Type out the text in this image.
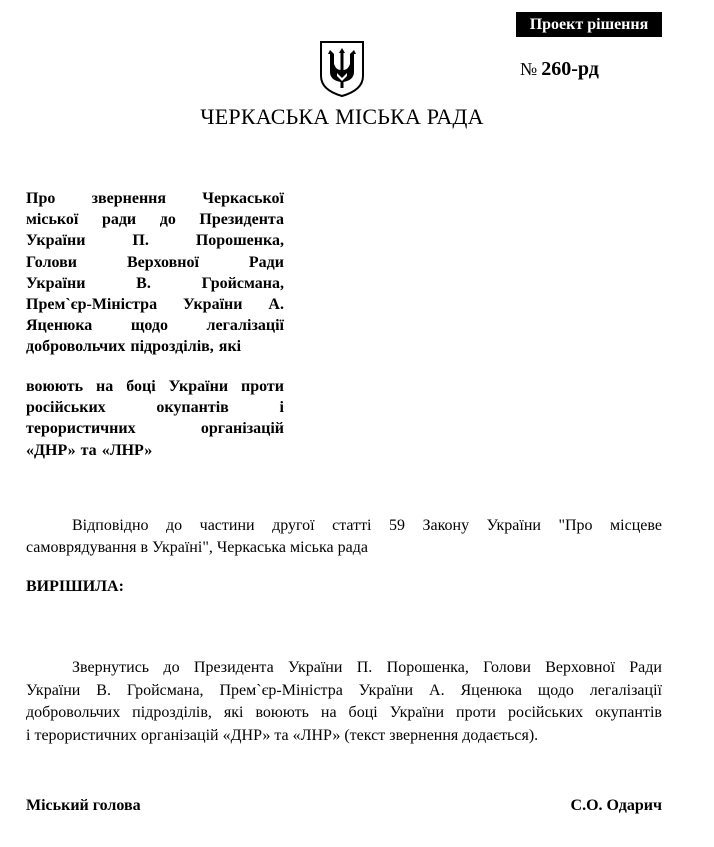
Проект рішення
№ 260-рд
ЧЕРКАСЬКА МІСЬКА РАДА
Про звернення Черкаської
міської ради до Президента
України	П.	Порошенка,
Голови	Верховної	Ради
України	В.	Гройсмана,
Прем`єр-Міністра України А.
Яценюка щодо легалізації
добровольчих підрозділів, які
воюють на боці України проти
російських	окупантів	і
терористичних	організацій
«ДНР» та «ЛНР»
Відповідно до частини другої статті 59 Закону України "Про місцеве
самоврядування в Україні", Черкаська міська рада
ВИРІШИЛА:
Звернутись до Президента України П. Порошенка, Голови Верховної Ради
України В. Гройсмана, Прем`єр-Міністра України А. Яценюка щодо легалізації
добровольчих підрозділів, які воюють на боці України проти російських окупантів
і терористичних організацій «ДНР» та «ЛНР» (текст звернення додається).
Міський голова	С.О. Одарич
